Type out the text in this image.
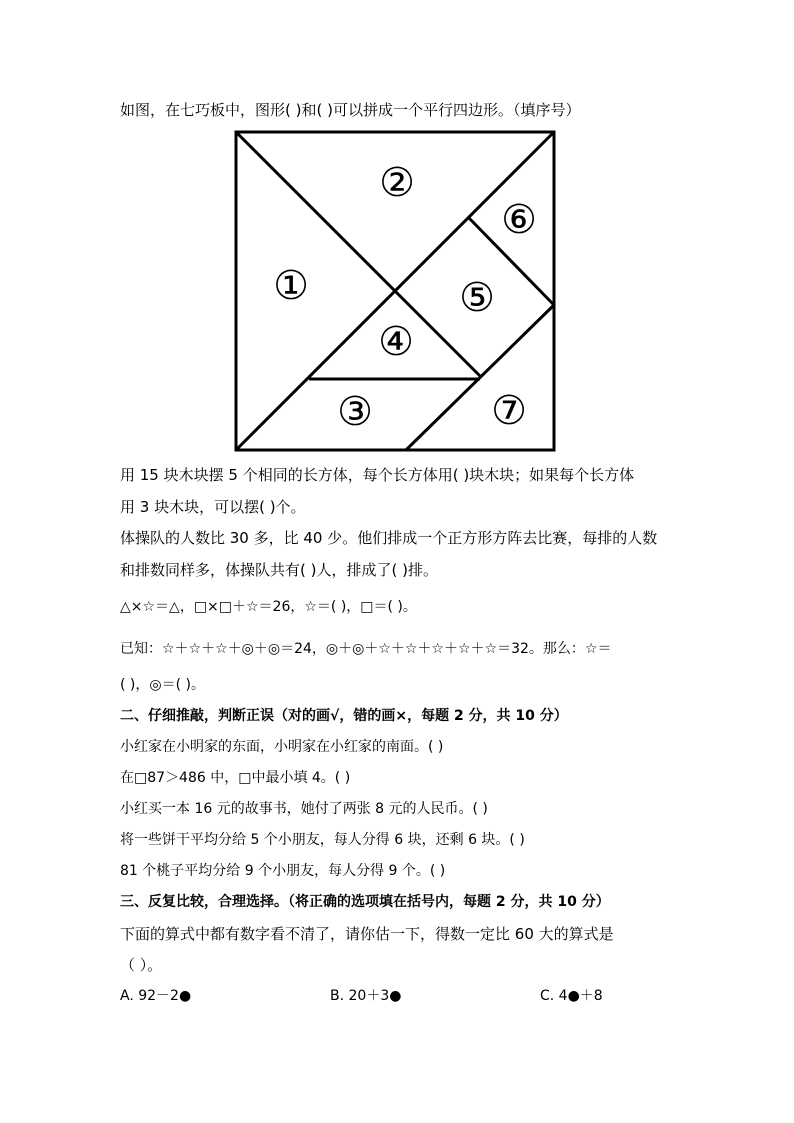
如图，在七巧板中，图形( )和( )可以拼成一个平行四边形。（填序号）
①
②
③
④
⑤
⑥
⑦
用 15 块木块摆 5 个相同的长方体，每个长方体用( )块木块；如果每个长方体
用 3 块木块，可以摆( )个。
体操队的人数比 30 多，比 40 少。他们排成一个正方形方阵去比赛，每排的人数
和排数同样多，体操队共有( )人，排成了( )排。
△×☆＝△，□×□＋☆＝26，☆＝( )，□＝( )。
已知：☆＋☆＋☆＋◎＋◎＝24，◎＋◎＋☆＋☆＋☆＋☆＋☆＝32。那么：☆＝
( )，◎＝( )。
二、仔细推敲，判断正误（对的画√，错的画×，每题 2 分，共 10 分）
小红家在小明家的东面，小明家在小红家的南面。( )
在□87＞486 中，□中最小填 4。( )
小红买一本 16 元的故事书，她付了两张 8 元的人民币。( )
将一些饼干平均分给 5 个小朋友，每人分得 6 块，还剩 6 块。( )
81 个桃子平均分给 9 个小朋友，每人分得 9 个。( )
三、反复比较，合理选择。（将正确的选项填在括号内，每题 2 分，共 10 分）
下面的算式中都有数字看不清了，请你估一下，得数一定比 60 大的算式是
（ ）。
A. 92－2●	B. 20＋3●	C. 4●＋8
